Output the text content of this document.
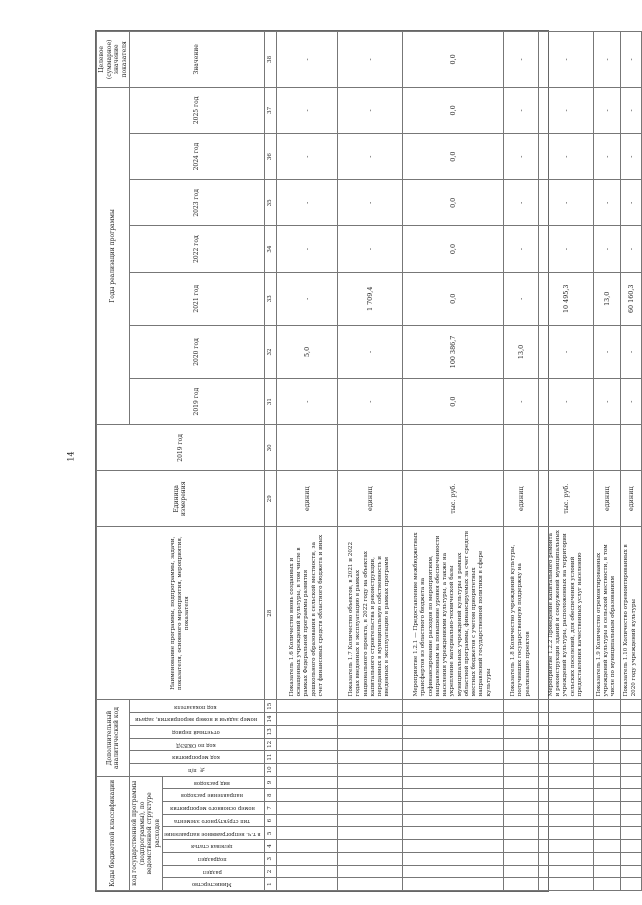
14
Коды бюджетной классификации									Дополнительный аналитический код						Наименование программы, подпрограммы, задачи, показателя, основного мероприятия, мероприятия, показателя	Единица измерения	2019 год	Годы реализации программы							Целевое (суммарное) значение показателя
код государственной программы (подпрограммы), по ведомственной структуре расходов									№ п/п	код мероприятия	код по ОКВЭД	отчетный период	номер задачи и номер мероприятия, задачи	код показателя				2019 год	2020 год	2021 год	2022 год	2023 год	2024 год	2025 год	Значение
Министерство	раздел	подраздел	целевая статья	в т.ч. непрограммное направление	тип структурного элемента	номер основного мероприятия	направление расходов	вид расходов																	
1	2	3	4	5	6	7	8	9	10	11	12	13	14	15	28	29	30	31	32	33	34	35	36	37	38
															Показатель 1.6 Количество вновь созданных и оснащенных учреждений культуры, в том числе в рамках Федеральной программы развития дошкольного образования в сельской местности, за счет финансовых средств областного бюджета и иных	единиц		-	5,0	-	-	-	-	-	-
															Показатель 1.7 Количество объектов, в 2021 и 2022 годах введенных в эксплуатацию в рамках национального проекта, в 2022 году на объектах капитального строительства и реконструкции, переданных в муниципальную собственность и введенных в эксплуатацию в рамках программ	единиц		-	-	1 709,4	-	-	-	-	-
															Мероприятие 1.2.1 — Предоставление межбюджетных трансфертов из областного бюджета на софинансирование расходов по мероприятиям, направленным на повышение уровня обеспеченности населения учреждениями культуры, а также на укрепление материально-технической базы муниципальных учреждений культуры в рамках областной программы, финансируемых за счет средств местных бюджетов с учетом приоритетных направлений государственной политики в сфере культуры	тыс. руб.		0,0	100 386,7	0,0	0,0	0,0	0,0	0,0	0,0
															Показатель 1.8 Количество учреждений культуры, получивших государственную поддержку на реализацию проектов	единиц		-	13,0	-	-	-	-	-	-
															Мероприятие 1.2.2 Проведение капитального ремонта и реконструкции зданий и сооружений муниципальных учреждений культуры, расположенных на территории сельских поселений, для обеспечения условий предоставления качественных услуг населению	тыс. руб.		-	-	10 495,3	-	-	-	-	-
															Показатель 1.9 Количество отремонтированных учреждений культуры в сельской местности, в том числе по муниципальным образованиям	единиц		-	-	13,0	-	-	-	-	-
															Показатель 1.10 Количество отремонтированных в 2020 году учреждений культуры	единиц		-	-	60 160,3	-	-	-	-	-
